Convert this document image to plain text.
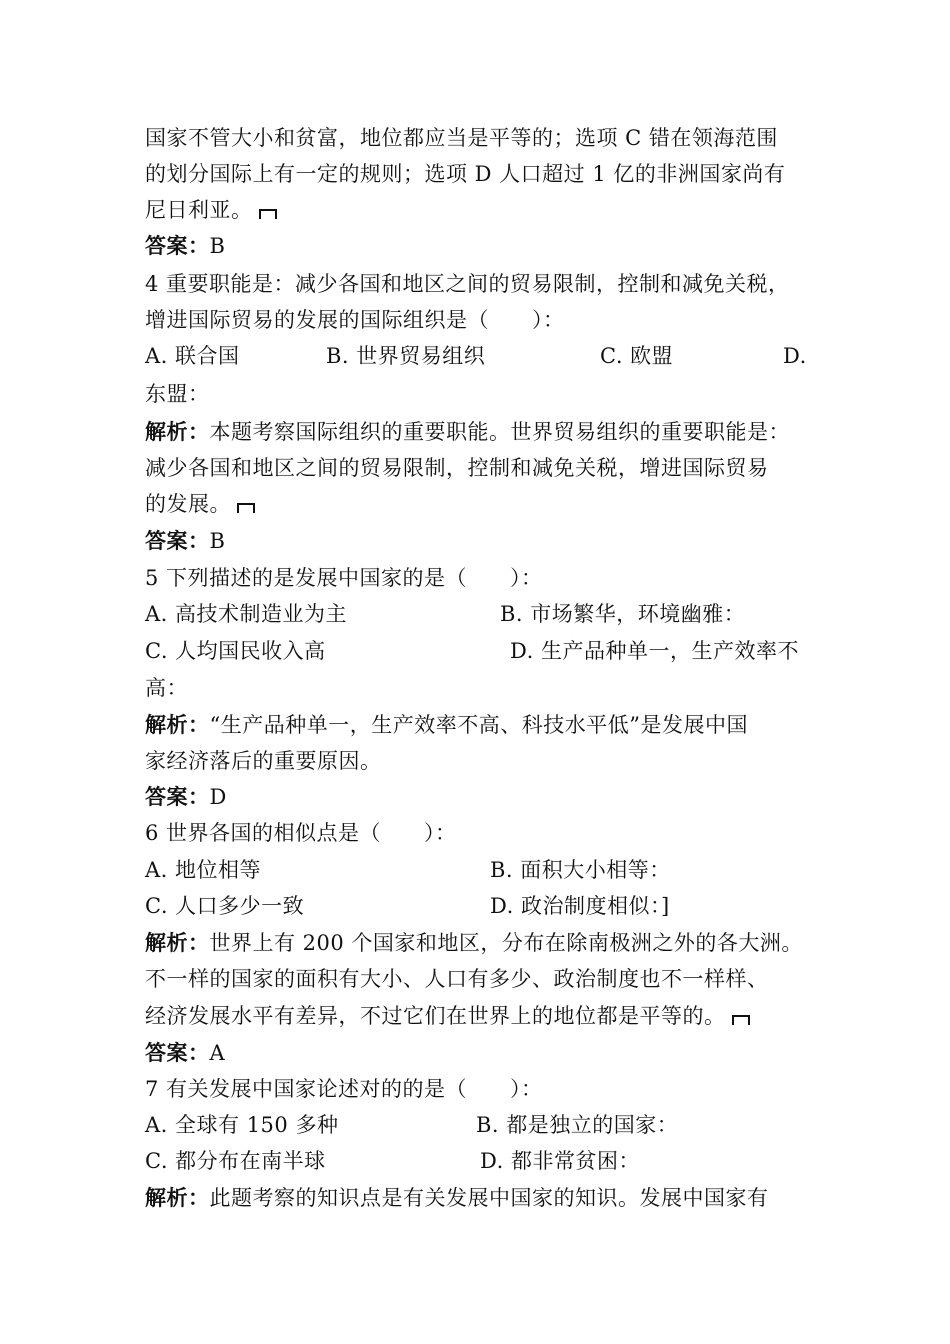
国家不管大小和贫富，地位都应当是平等的；选项 C 错在领海范围
的划分国际上有一定的规则；选项 D 人口超过 1 亿的非洲国家尚有
尼日利亚。
答案：B
4 重要职能是：减少各国和地区之间的贸易限制，控制和减免关税，
增进国际贸易的发展的国际组织是（　　）：
A. 联合国	B. 世界贸易组织	C. 欧盟	D.
东盟：
解析：本题考察国际组织的重要职能。世界贸易组织的重要职能是：
减少各国和地区之间的贸易限制，控制和减免关税，增进国际贸易
的发展。
答案：B
5 下列描述的是发展中国家的是（　　）：
A. 高技术制造业为主	B. 市场繁华，环境幽雅：
C. 人均国民收入高	D. 生产品种单一，生产效率不
高：
解析：“生产品种单一，生产效率不高、科技水平低”是发展中国
家经济落后的重要原因。
答案：D
6 世界各国的相似点是（　　）：
A. 地位相等	B. 面积大小相等：
C. 人口多少一致	D. 政治制度相似：]
解析：世界上有 200 个国家和地区，分布在除南极洲之外的各大洲。
不一样的国家的面积有大小、人口有多少、政治制度也不一样样、
经济发展水平有差异，不过它们在世界上的地位都是平等的。
答案：A
7 有关发展中国家论述对的的是（　　）：
A. 全球有 150 多种	B. 都是独立的国家：
C. 都分布在南半球	D. 都非常贫困：
解析：此题考察的知识点是有关发展中国家的知识。发展中国家有
